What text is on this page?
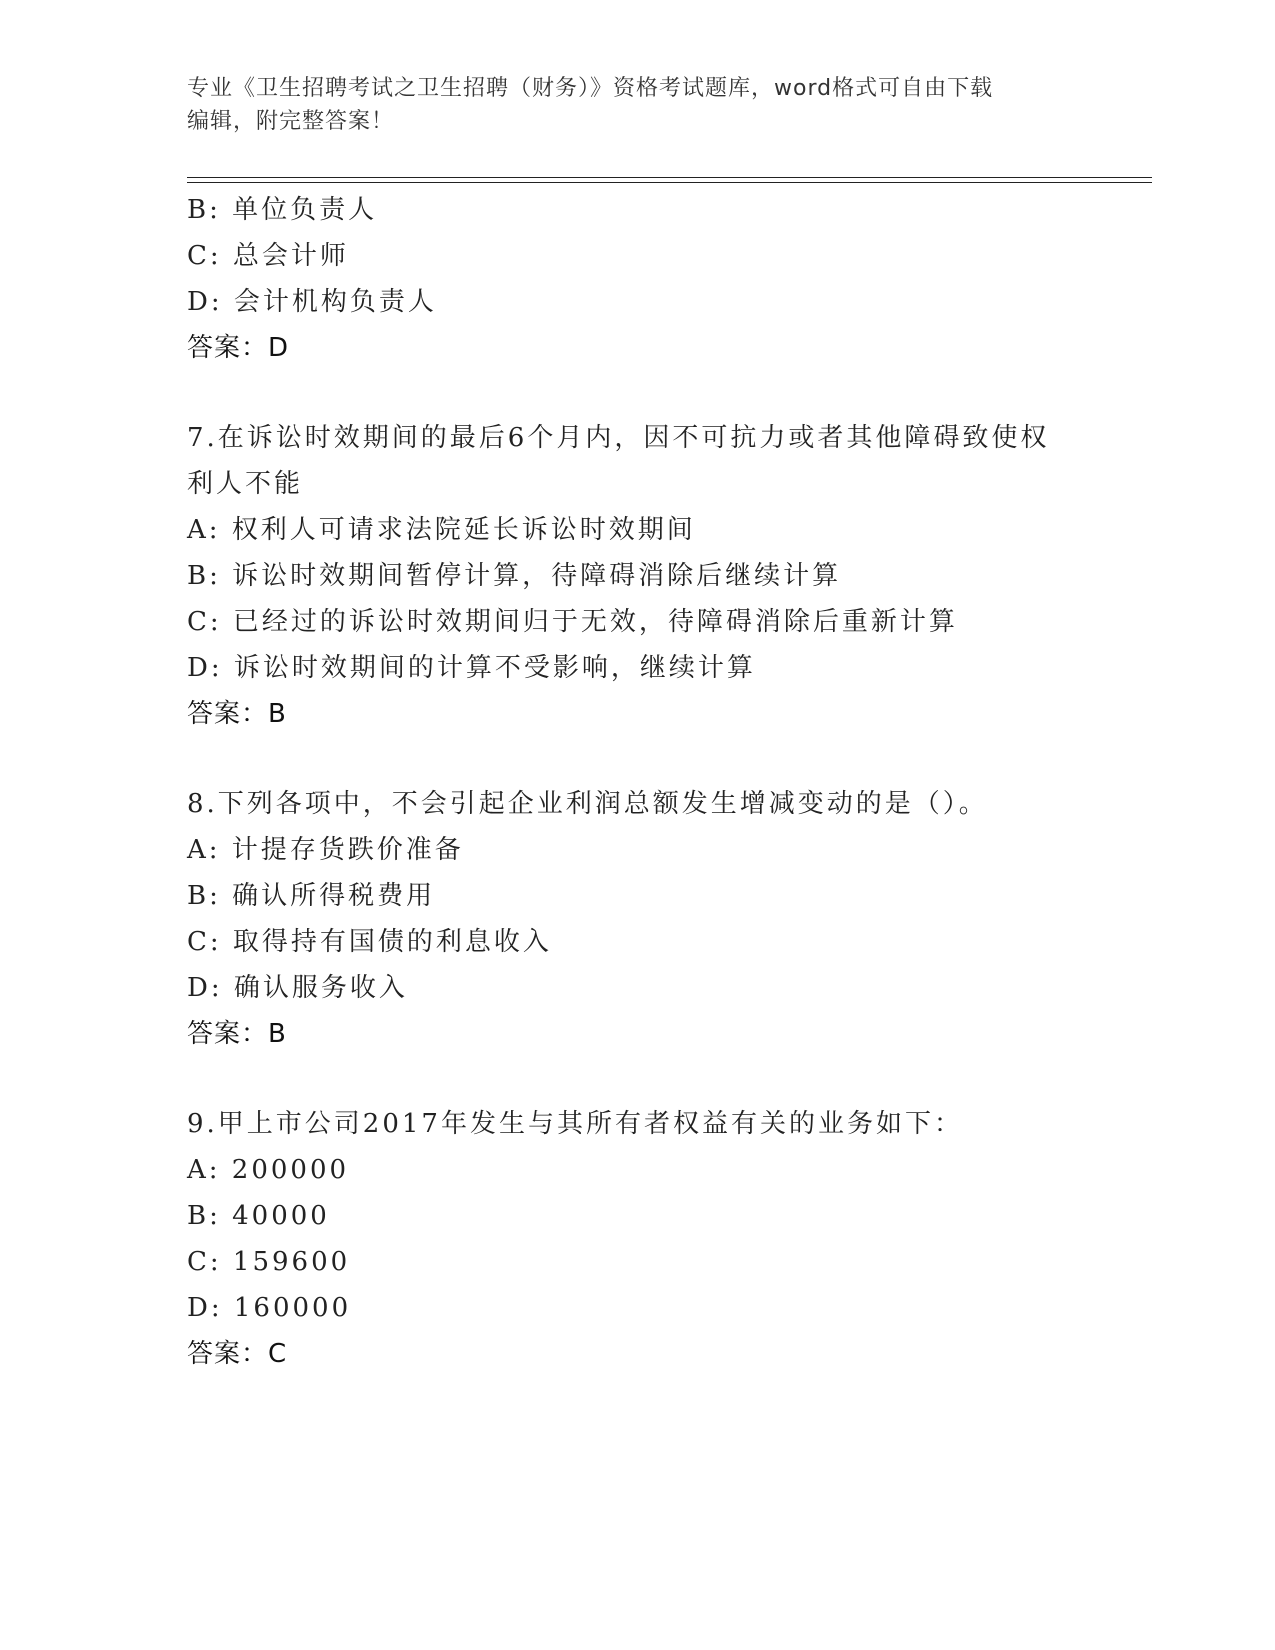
专业《卫生招聘考试之卫生招聘（财务）》资格考试题库，word格式可自由下载
编辑，附完整答案！
B: 单位负责人
C: 总会计师
D: 会计机构负责人
答案：D
7.在诉讼时效期间的最后6个月内，因不可抗力或者其他障碍致使权
利人不能
A: 权利人可请求法院延长诉讼时效期间
B: 诉讼时效期间暂停计算，待障碍消除后继续计算
C: 已经过的诉讼时效期间归于无效，待障碍消除后重新计算
D: 诉讼时效期间的计算不受影响，继续计算
答案：B
8.下列各项中，不会引起企业利润总额发生增减变动的是（）。
A: 计提存货跌价准备
B: 确认所得税费用
C: 取得持有国债的利息收入
D: 确认服务收入
答案：B
9.甲上市公司2017年发生与其所有者权益有关的业务如下：
A: 200000
B: 40000
C: 159600
D: 160000
答案：C
